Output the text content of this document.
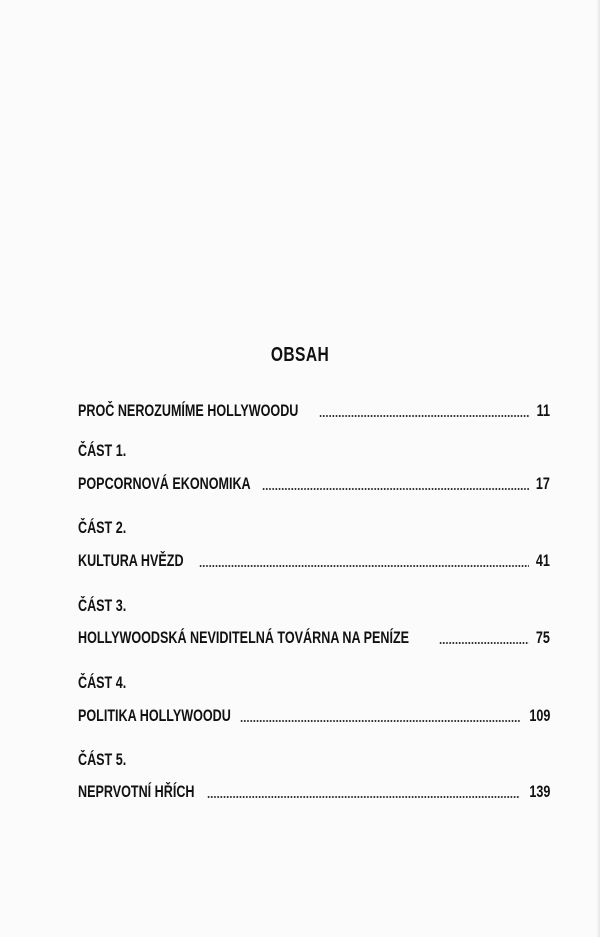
OBSAH
PROČ NEROZUMÍME HOLLYWOODU	11
ČÁST 1.
POPCORNOVÁ EKONOMIKA	17
ČÁST 2.
KULTURA HVĚZD	41
ČÁST 3.
HOLLYWOODSKÁ NEVIDITELNÁ TOVÁRNA NA PENÍZE	75
ČÁST 4.
POLITIKA HOLLYWOODU	109
ČÁST 5.
NEPRVOTNÍ HŘÍCH	139
